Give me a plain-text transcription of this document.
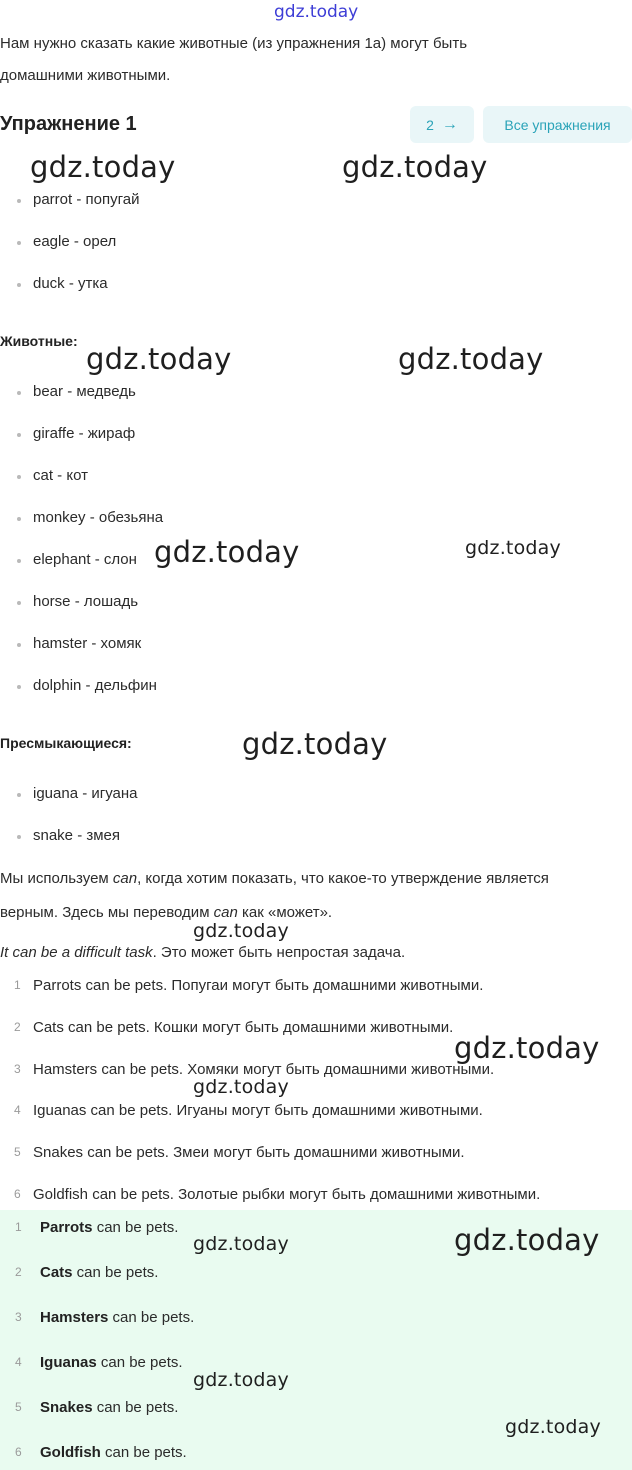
gdz.today
Нам нужно сказать какие животные (из упражнения 1a) могут быть
домашними животными.
Упражнение 1	2 →	Все упражнения
parrot - попугай
eagle - орел
duck - утка
Животные:
bear - медведь
giraffe - жираф
cat - кот
monkey - обезьяна
elephant - слон
horse - лошадь
hamster - хомяк
dolphin - дельфин
Пресмыкающиеся:
iguana - игуана
snake - змея
Мы используем can, когда хотим показать, что какое-то утверждение является
верным. Здесь мы переводим can как «может».
It can be a difficult task. Это может быть непростая задача.
1 Parrots can be pets. Попугаи могут быть домашними животными.
2 Cats can be pets. Кошки могут быть домашними животными.
3 Hamsters can be pets. Хомяки могут быть домашними животными.
4 Iguanas can be pets. Игуаны могут быть домашними животными.
5 Snakes can be pets. Змеи могут быть домашними животными.
6 Goldfish can be pets. Золотые рыбки могут быть домашними животными.
1 Parrots can be pets.
2 Cats can be pets.
3 Hamsters can be pets.
4 Iguanas can be pets.
5 Snakes can be pets.
6 Goldfish can be pets.
gdz.today	gdz.today
gdz.today	gdz.today
gdz.today	gdz.today
gdz.today
gdz.today
gdz.today
gdz.today
gdz.today	gdz.today
gdz.today
gdz.today
